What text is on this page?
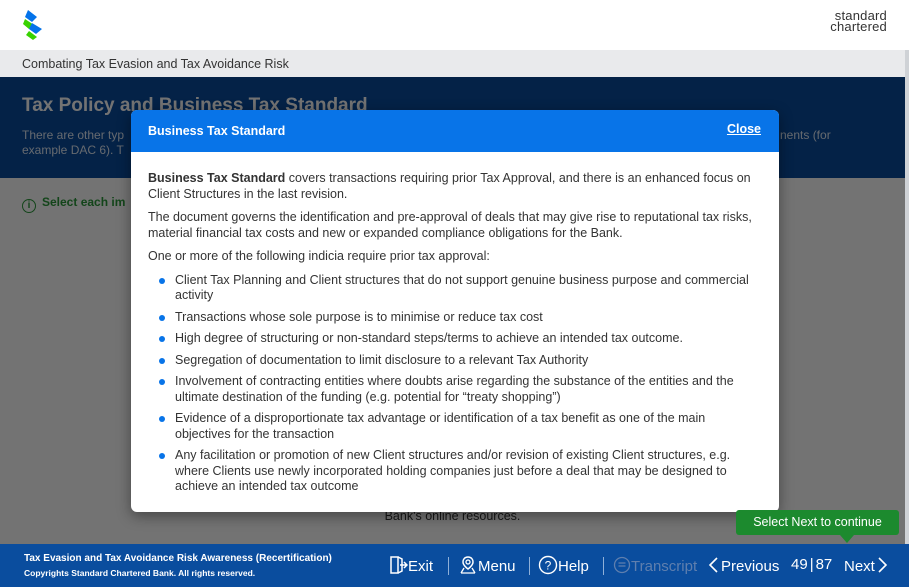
standard
chartered
Combating Tax Evasion and Tax Avoidance Risk
Business Tax Standard	Close

Business Tax Standard covers transactions requiring prior Tax Approval, and there is an enhanced focus on Client Structures in the last revision.

The document governs the identification and pre-approval of deals that may give rise to reputational tax risks, material financial tax costs and new or expanded compliance obligations for the Bank.

One or more of the following indicia require prior tax approval:

Client Tax Planning and Client structures that do not support genuine business purpose and commercial activity
Transactions whose sole purpose is to minimise or reduce tax cost
High degree of structuring or non-standard steps/terms to achieve an intended tax outcome.
Segregation of documentation to limit disclosure to a relevant Tax Authority
Involvement of contracting entities where doubts arise regarding the substance of the entities and the ultimate destination of the funding (e.g. potential for “treaty shopping”)
Evidence of a disproportionate tax advantage or identification of a tax benefit as one of the main objectives for the transaction
Any facilitation or promotion of new Client structures and/or revision of existing Client structures, e.g. where Clients use newly incorporated holding companies just before a deal that may be designed to achieve an intended tax outcome
Select Next to continue
Tax Evasion and Tax Avoidance Risk Awareness (Recertification)
Copyrights Standard Chartered Bank. All rights reserved.	Exit	Menu ? Help	Transcript	Previous 49 | 87 Next
